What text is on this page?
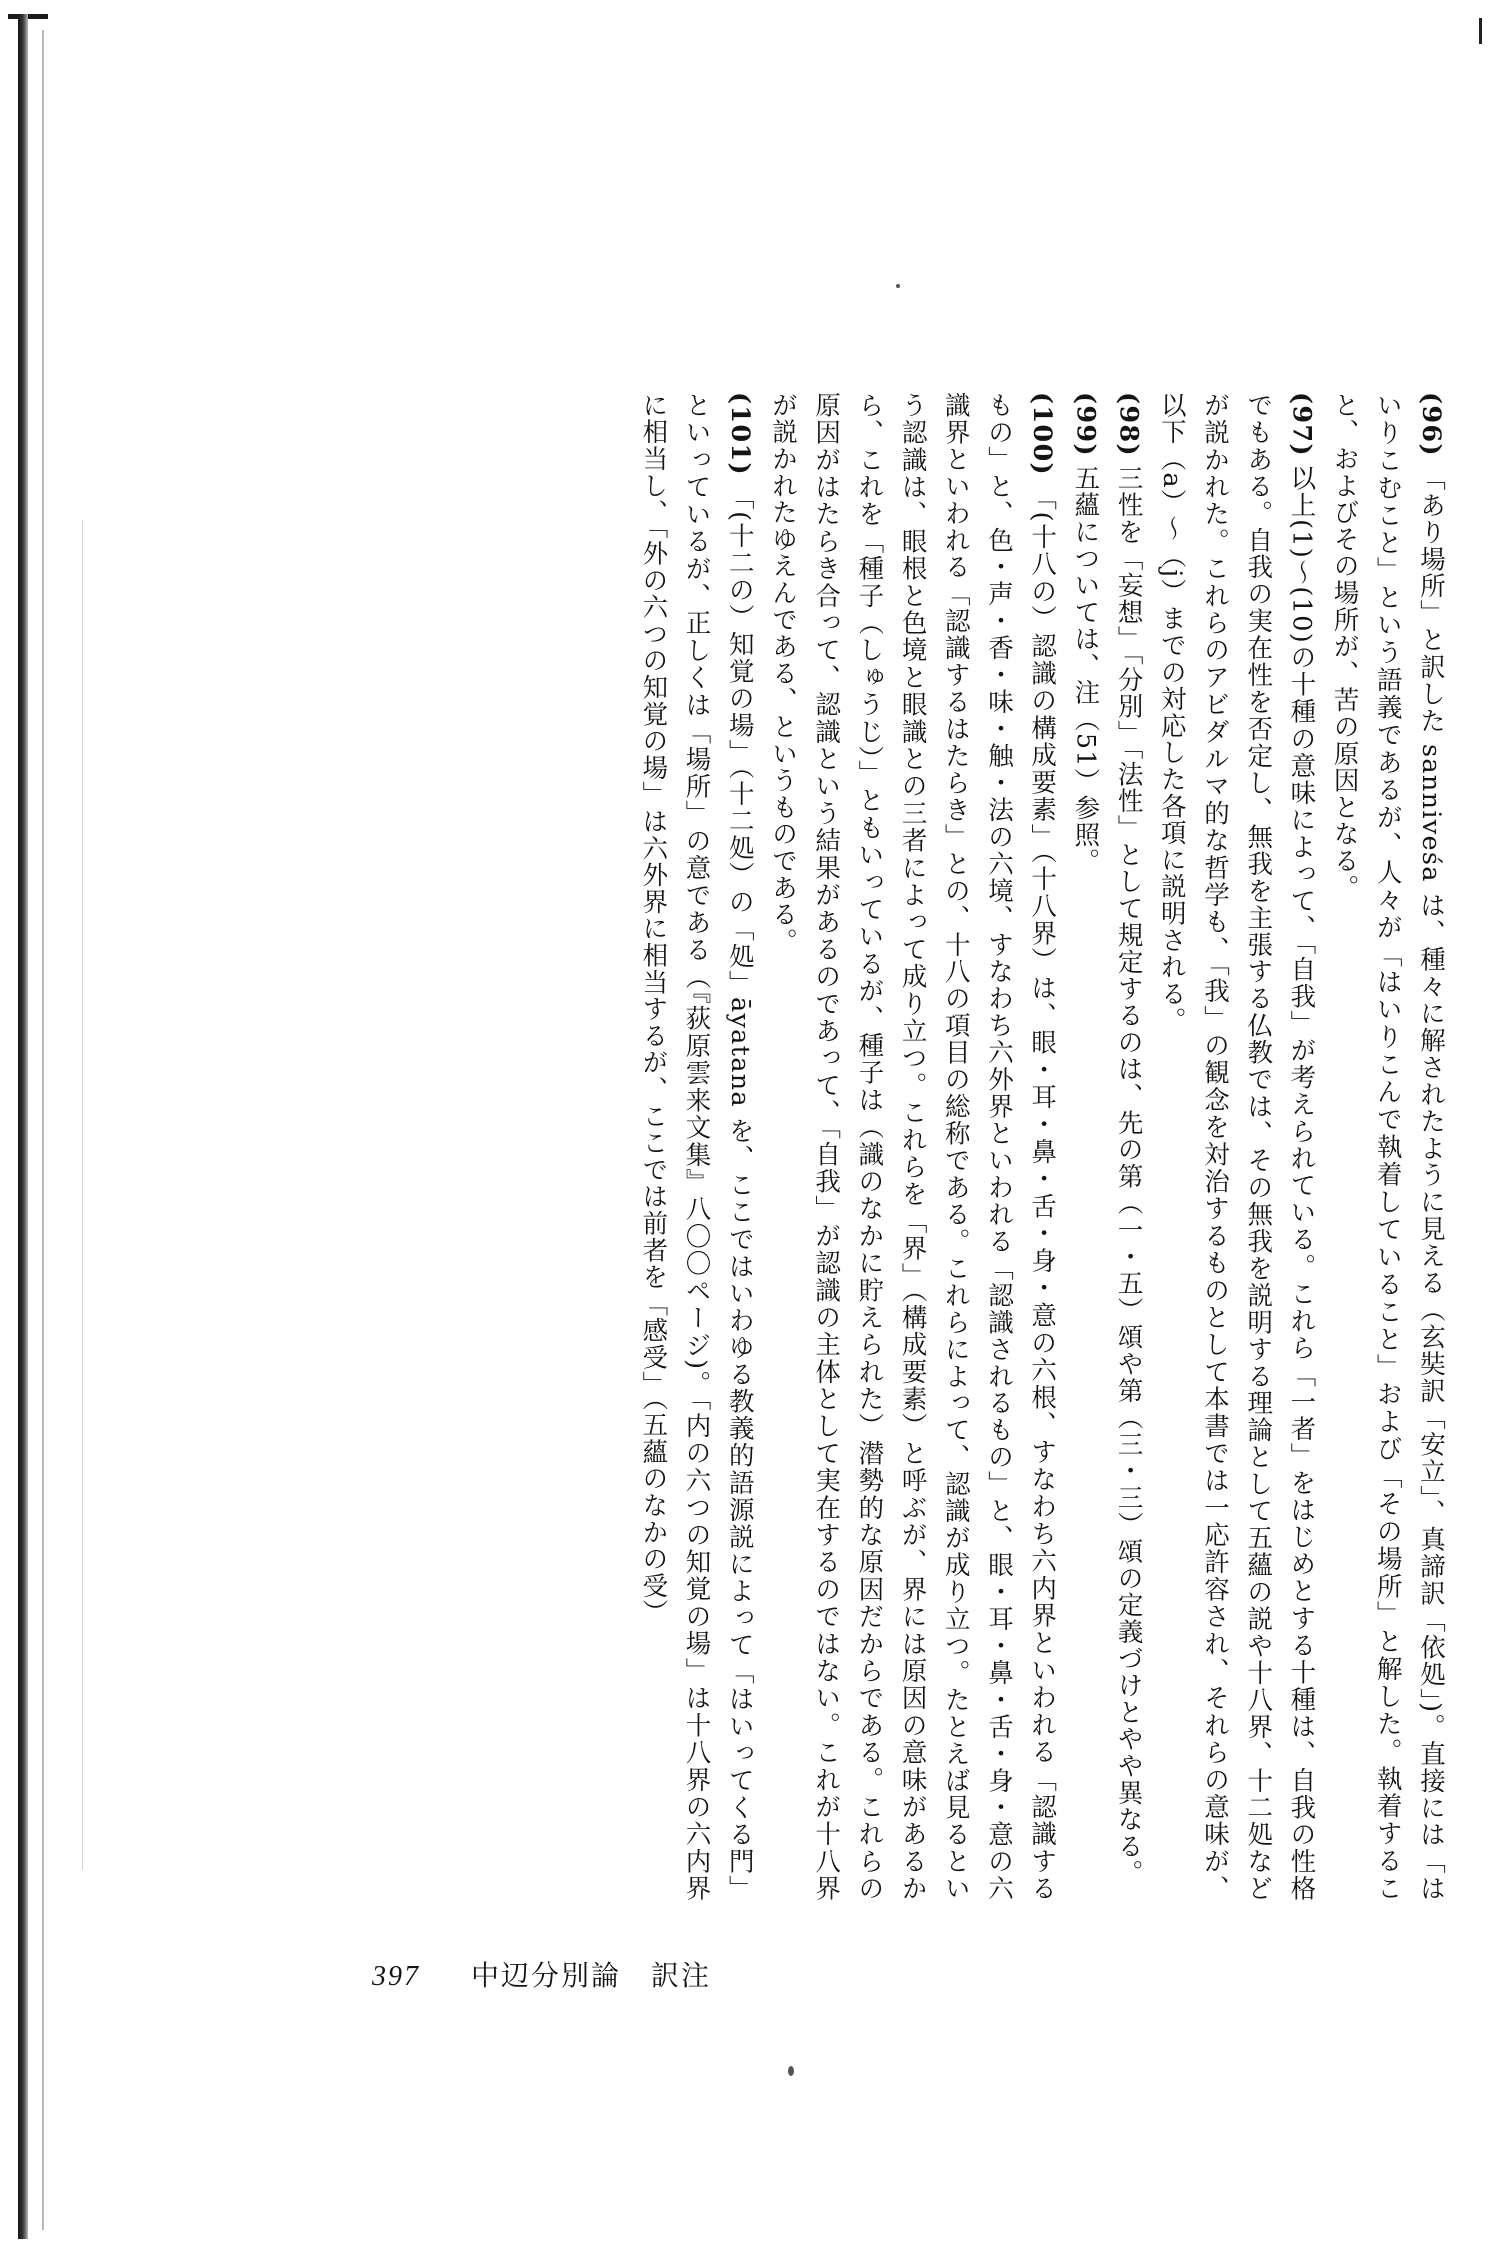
(96)「あり場所」と訳した sanniveśa は、種々に解されたように見える（玄奘訳「安立」、真諦訳「依処」)。直接には「はいりこむこと」という語義であるが、人々が「はいりこんで執着していること」および「その場所」と解した。執着すること、およびその場所が、苦の原因となる。

(97)以上(1)〜(10)の十種の意味によって、「自我」が考えられている。これら「一者」をはじめとする十種は、自我の性格でもある。自我の実在性を否定し、無我を主張する仏教では、その無我を説明する理論として五蘊の説や十八界、十二処などが説かれた。これらのアビダルマ的な哲学も、「我」の観念を対治するものとして本書では一応許容され、それらの意味が、以下（a）〜（j）までの対応した各項に説明される。

(98)三性を「妄想」「分別」「法性」として規定するのは、先の第（一・五）頌や第（三・三）頌の定義づけとやや異なる。

(99)五蘊については、注（51）参照。

(100)「(十八の）認識の構成要素」（十八界）は、眼・耳・鼻・舌・身・意の六根、すなわち六内界といわれる「認識するもの」と、色・声・香・味・触・法の六境、すなわち六外界といわれる「認識されるもの」と、眼・耳・鼻・舌・身・意の六識界といわれる「認識するはたらき」との、十八の項目の総称である。これらによって、認識が成り立つ。たとえば見るという認識は、眼根と色境と眼識との三者によって成り立つ。これらを「界」（構成要素）と呼ぶが、界には原因の意味があるから、これを「種子（しゅうじ）」ともいっているが、種子は（識のなかに貯えられた）潜勢的な原因だからである。これらの原因がはたらき合って、認識という結果があるのであって、「自我」が認識の主体として実在するのではない。これが十八界が説かれたゆえんである、というものである。

(101)「(十二の）知覚の場」（十二処）の「処」āyatana を、ここではいわゆる教義的語源説によって「はいってくる門」といっているが、正しくは「場所」の意である（『荻原雲来文集』八〇〇ページ)。「内の六つの知覚の場」は十八界の六内界に相当し、「外の六つの知覚の場」は六外界に相当するが、ここでは前者を「感受」（五蘊のなかの受）

397 中辺分別論　訳注
